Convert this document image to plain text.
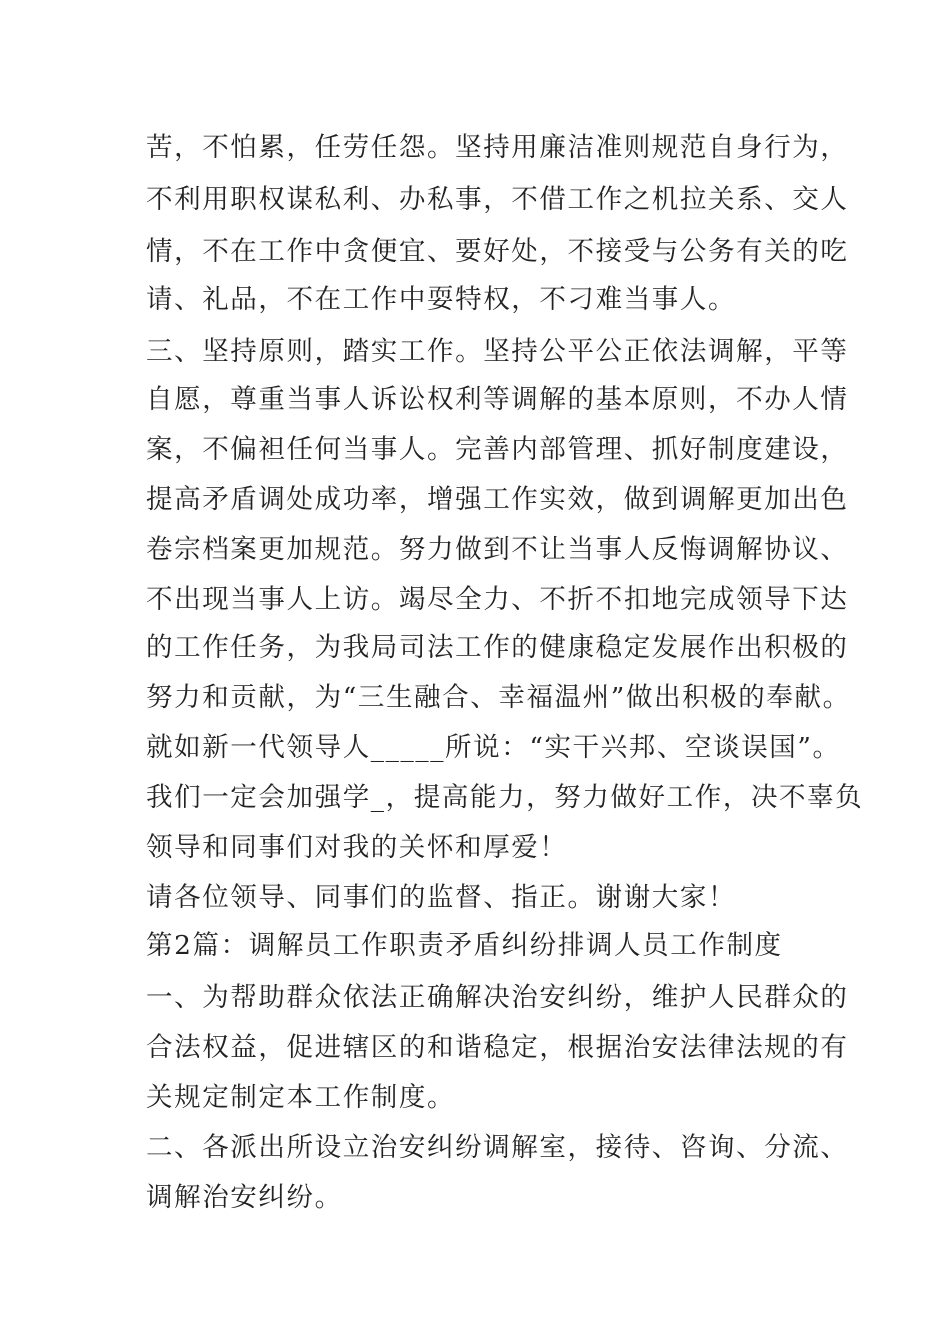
苦，不怕累，任劳任怨。坚持用廉洁准则规范自身行为，
不利用职权谋私利、办私事，不借工作之机拉关系、交人
情，不在工作中贪便宜、要好处，不接受与公务有关的吃
请、礼品，不在工作中耍特权，不刁难当事人。
三、坚持原则，踏实工作。坚持公平公正依法调解，平等
自愿，尊重当事人诉讼权利等调解的基本原则，不办人情
案，不偏袒任何当事人。完善内部管理、抓好制度建设，
提高矛盾调处成功率，增强工作实效，做到调解更加出色
卷宗档案更加规范。努力做到不让当事人反悔调解协议、
不出现当事人上访。竭尽全力、不折不扣地完成领导下达
的工作任务，为我局司法工作的健康稳定发展作出积极的
努力和贡献，为“三生融合、幸福温州”做出积极的奉献。
就如新一代领导人_____所说：“实干兴邦、空谈误国”。
我们一定会加强学_，提高能力，努力做好工作，决不辜负
领导和同事们对我的关怀和厚爱！
请各位领导、同事们的监督、指正。谢谢大家！
第2篇：调解员工作职责矛盾纠纷排调人员工作制度
一、为帮助群众依法正确解决治安纠纷，维护人民群众的
合法权益，促进辖区的和谐稳定，根据治安法律法规的有
关规定制定本工作制度。
二、各派出所设立治安纠纷调解室，接待、咨询、分流、
调解治安纠纷。
